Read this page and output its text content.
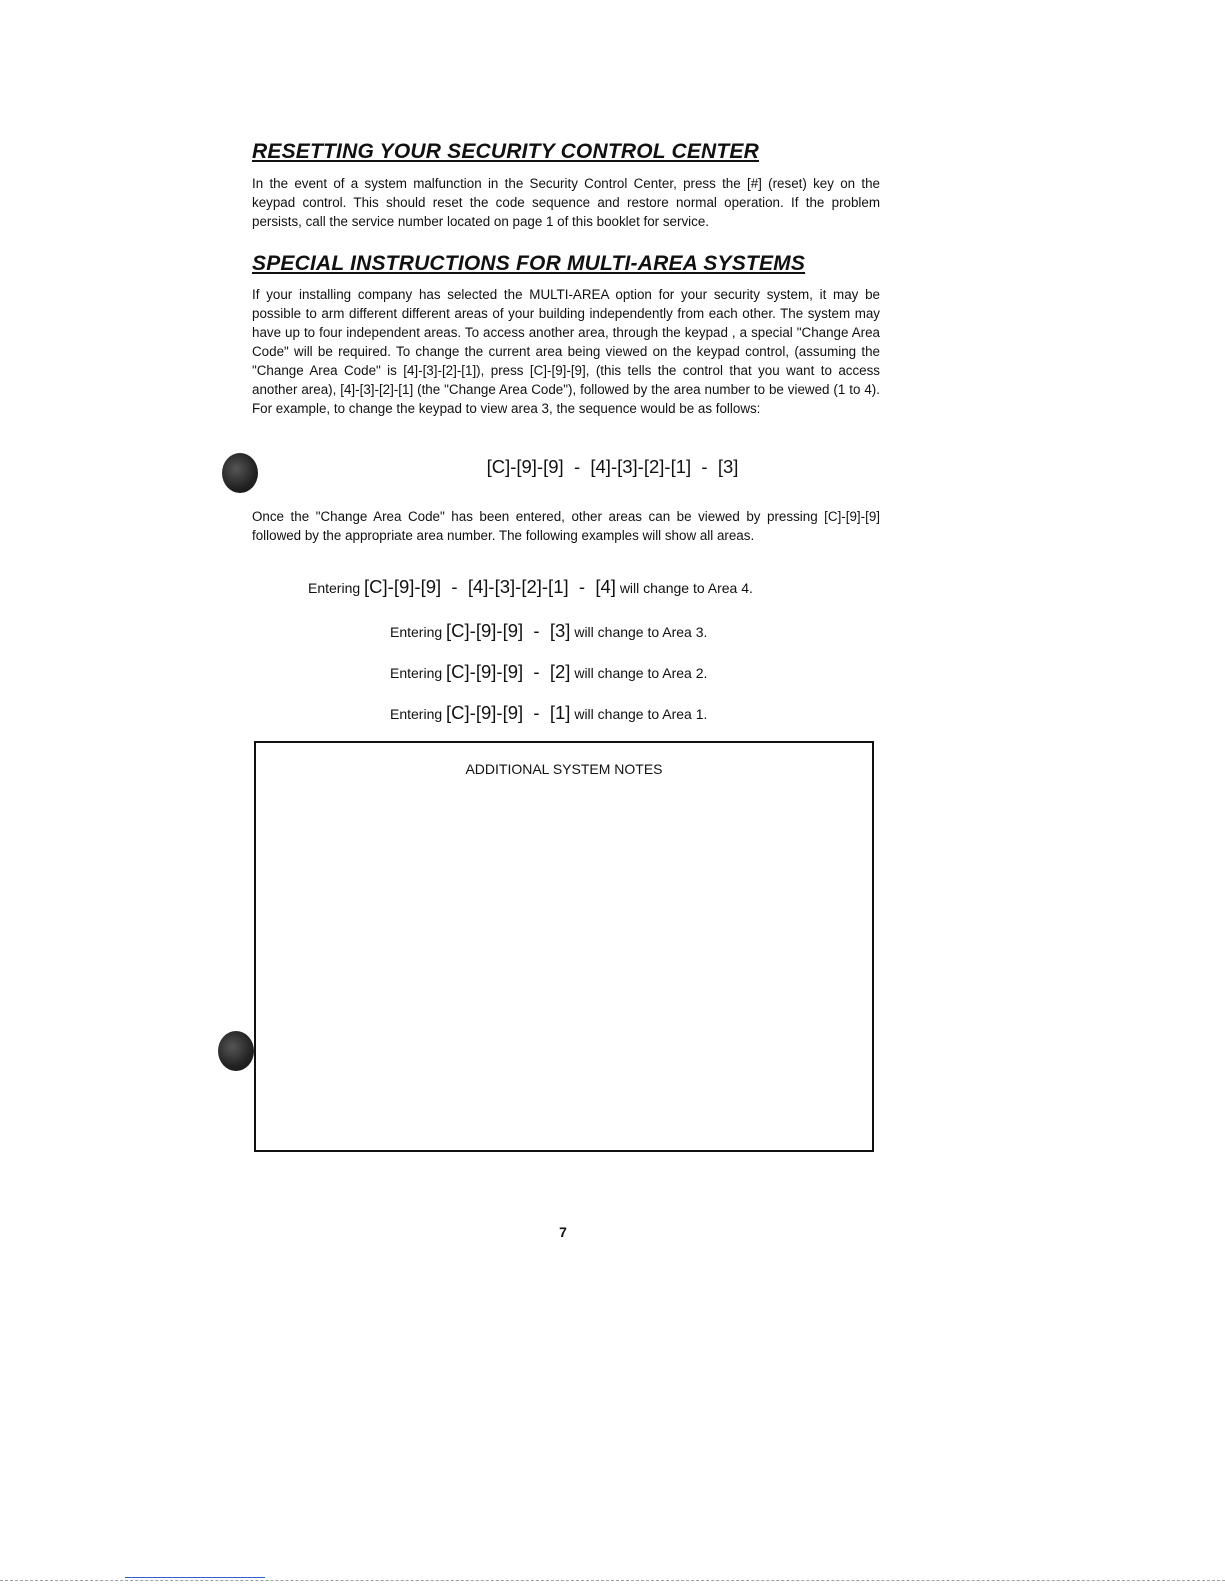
RESETTING YOUR SECURITY CONTROL CENTER

In the event of a system malfunction in the Security Control Center, press the [#] (reset) key on the keypad control. This should reset the code sequence and restore normal operation. If the problem persists, call the service number located on page 1 of this booklet for service.

SPECIAL INSTRUCTIONS FOR MULTI-AREA SYSTEMS

If your installing company has selected the MULTI-AREA option for your security system, it may be possible to arm different different areas of your building independently from each other. The system may have up to four independent areas. To access another area, through the keypad , a special "Change Area Code" will be required. To change the current area being viewed on the keypad control, (assuming the "Change Area Code" is [4]-[3]-[2]-[1]), press [C]-[9]-[9], (this tells the control that you want to access another area), [4]-[3]-[2]-[1] (the "Change Area Code"), followed by the area number to be viewed (1 to 4). For example, to change the keypad to view area 3, the sequence would be as follows:

[C]-[9]-[9]  -  [4]-[3]-[2]-[1]  -  [3]

Once the "Change Area Code" has been entered, other areas can be viewed by pressing [C]-[9]-[9] followed by the appropriate area number. The following examples will show all areas.

Entering [C]-[9]-[9]  -  [4]-[3]-[2]-[1]  -  [4] will change to Area 4.

Entering [C]-[9]-[9]  -  [3] will change to Area 3.

Entering [C]-[9]-[9]  -  [2] will change to Area 2.

Entering [C]-[9]-[9]  -  [1] will change to Area 1.

ADDITIONAL SYSTEM NOTES

7
